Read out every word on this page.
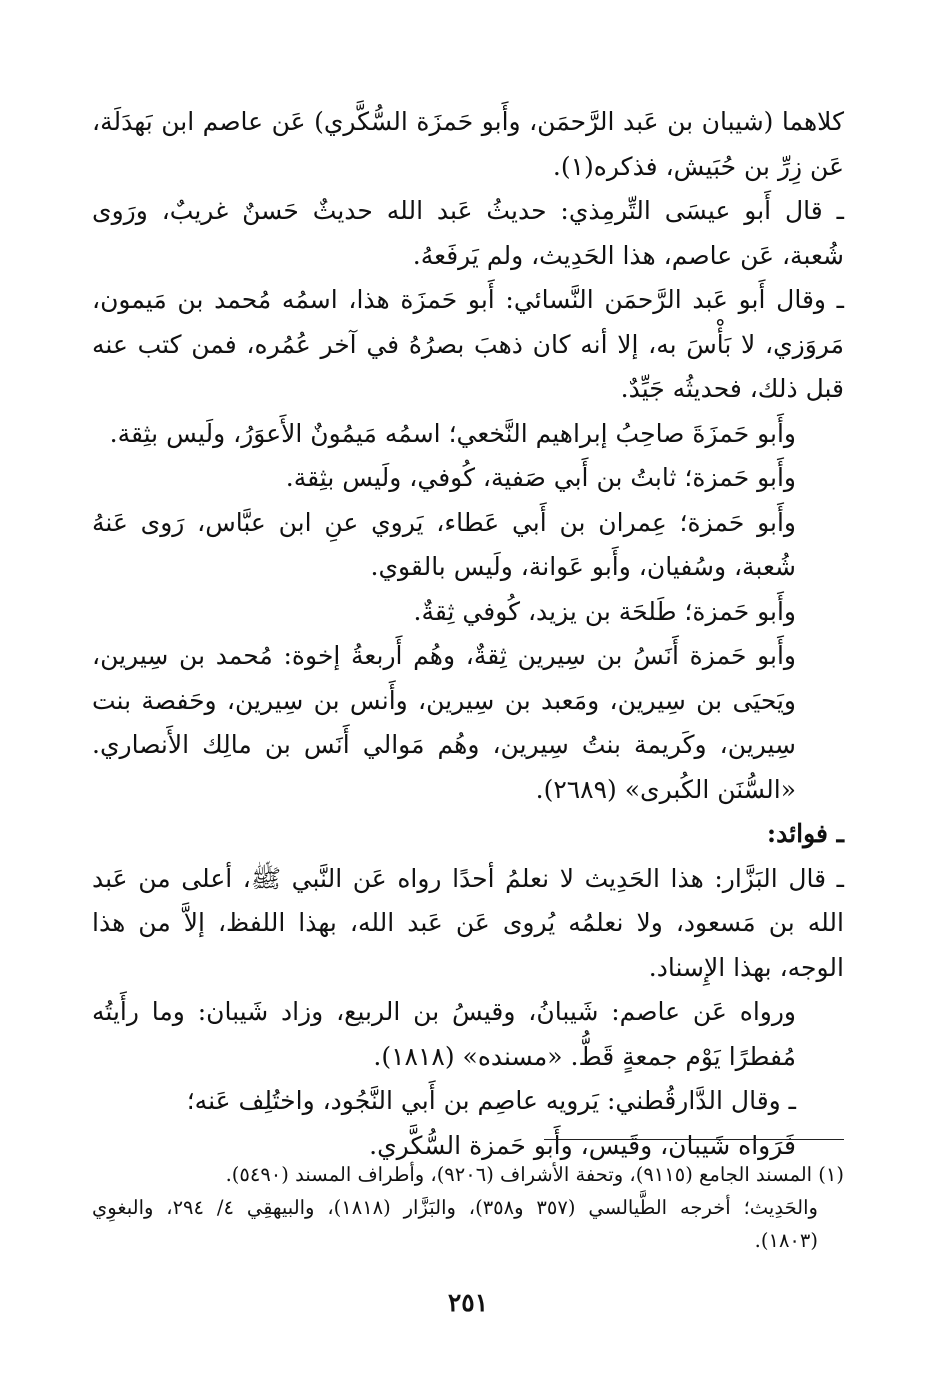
كلاهما (شيبان بن عَبد الرَّحمَن، وأَبو حَمزَة السُّكَّري) عَن عاصم ابن بَهدَلَة، عَن زِرِّ بن حُبَيش، فذكره(١).

ـ قال أَبو عيسَى التِّرمِذي: حديثُ عَبد الله حديثٌ حَسنٌ غريبٌ، ورَوى شُعبة، عَن عاصم، هذا الحَدِيث، ولم يَرفَعهُ.

ـ وقال أَبو عَبد الرَّحمَن النَّسائي: أَبو حَمزَة هذا، اسمُه مُحمد بن مَيمون، مَروَزي، لا بَأْسَ به، إلا أنه كان ذهبَ بصرُهُ في آخر عُمُره، فمن كتب عنه قبل ذلك، فحديثُه جَيِّدٌ.

وأَبو حَمزَةَ صاحِبُ إبراهيم النَّخعي؛ اسمُه مَيمُونٌ الأَعوَرُ، ولَيس بثِقة.

وأَبو حَمزة؛ ثابتُ بن أَبي صَفية، كُوفي، ولَيس بثِقة.

وأَبو حَمزة؛ عِمران بن أَبي عَطاء، يَروي عنِ ابن عبَّاس، رَوى عَنهُ شُعبة، وسُفيان، وأَبو عَوانة، ولَيس بالقوي.

وأَبو حَمزة؛ طَلحَة بن يزيد، كُوفي ثِقةٌ.

وأَبو حَمزة أَنَسُ بن سِيرين ثِقةٌ، وهُم أَربعةُ إخوة: مُحمد بن سِيرين، ويَحيَى بن سِيرين، ومَعبد بن سِيرين، وأَنس بن سِيرين، وحَفصة بنت سِيرين، وكَريمة بنتُ سِيرين، وهُم مَوالي أَنَس بن مالِك الأَنصاري. «السُّنَن الكُبرى» (٢٦٨٩).

ـ فوائد:

ـ قال البَزَّار: هذا الحَدِيث لا نعلمُ أحدًا رواه عَن النَّبي ﷺ، أعلى من عَبد الله بن مَسعود، ولا نعلمُه يُروى عَن عَبد الله، بهذا اللفظ، إلاَّ من هذا الوجه، بهذا الإِسناد.

ورواه عَن عاصم: شَيبانُ، وقيسُ بن الربيع، وزاد شَيبان: وما رأَيتُه مُفطرًا يَوْم جمعةٍ قَطُّ. «مسنده» (١٨١٨).

ـ وقال الدَّارقُطني: يَرويه عاصِم بن أَبي النَّجُود، واختُلِف عَنه؛

فَرَواه شَيبان، وقَيس، وأَبو حَمزة السُّكَّري.

(١) المسند الجامع (٩١١٥)، وتحفة الأشراف (٩٢٠٦)، وأطراف المسند (٥٤٩٠).

والحَدِيث؛ أخرجه الطَّيالسي (٣٥٧ و٣٥٨)، والبَزَّار (١٨١٨)، والبيهقِي ٤/ ٢٩٤، والبغوِي (١٨٠٣).

٢٥١
